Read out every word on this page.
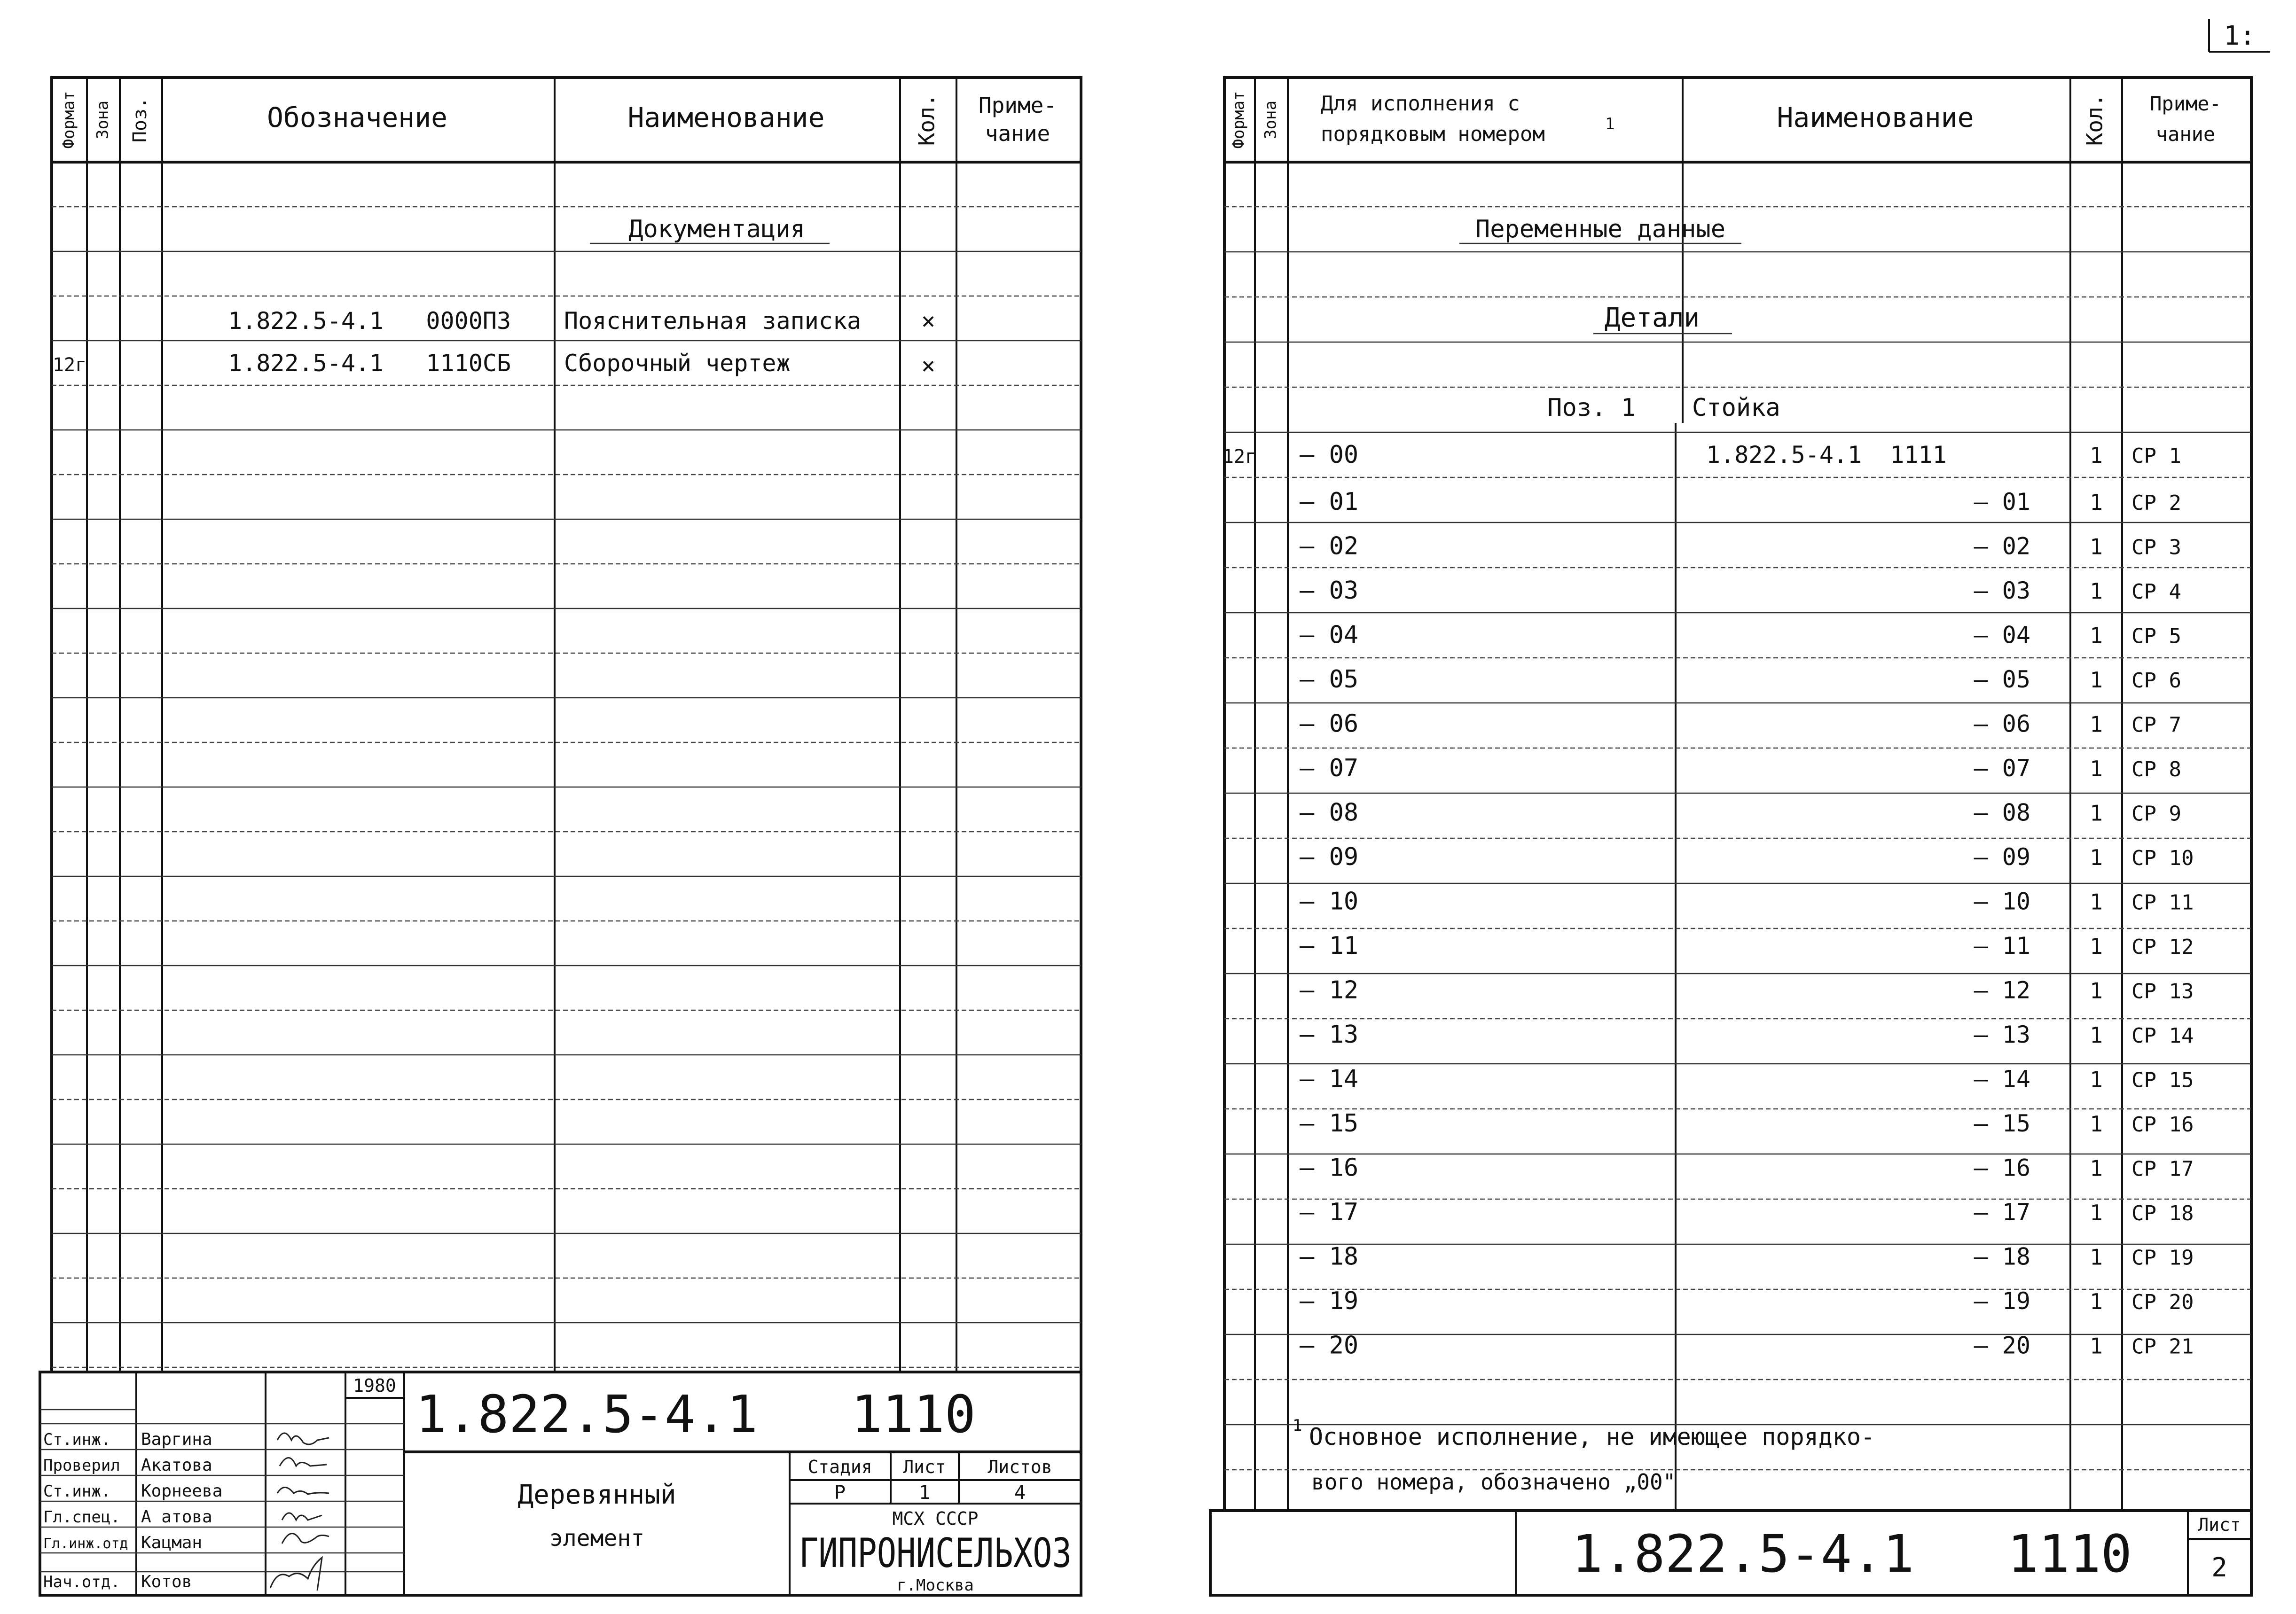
Формат Зона Поз.	Обозначение	Наименование	Кол. Приме-
чание
Документация
1.822.5-4.1   0000ПЗ Пояснительная записка	×
12г	1.822.5-4.1   1110СБ Сборочный чертеж	×
1980 1.822.5-4.1   1110
Деревянный
элемент
Стадия Лист Листов
Р	1	4
МСХ СССР
ГИПРОНИСЕЛЬХОЗ
г.Москва
Ст.инж. Варгина
Проверил Акатова
Ст.инж. Корнеева
Гл.спец. А атова
Гл.инж.отд Кацман
Нач.отд. Котов
Формат Зона Для исполнения с
порядковым номером	1	Наименование	Кол. Приме-
чание
Переменные данные
Детали
Поз. 1 Стойка
12г – 00	1.822.5-4.1  1111	1 СР 1
– 01	– 01	1 СР 2
– 02	– 02	1 СР 3
– 03	– 03	1 СР 4
– 04	– 04	1 СР 5
– 05	– 05	1 СР 6
– 06	– 06	1 СР 7
– 07	– 07	1 СР 8
– 08	– 08	1 СР 9
– 09	– 09	1 СР 10
– 10	– 10	1 СР 11
– 11	– 11	1 СР 12
– 12	– 12	1 СР 13
– 13	– 13	1 СР 14
– 14	– 14	1 СР 15
– 15	– 15	1 СР 16
– 16	– 16	1 СР 17
– 17	– 17	1 СР 18
– 18	– 18	1 СР 19
– 19	– 19	1 СР 20
– 20	– 20	1 СР 21
1 Основное исполнение, не имеющее порядко-
вого номера, обозначено „00"
1.822.5-4.1   1110	Лист
2
1:
